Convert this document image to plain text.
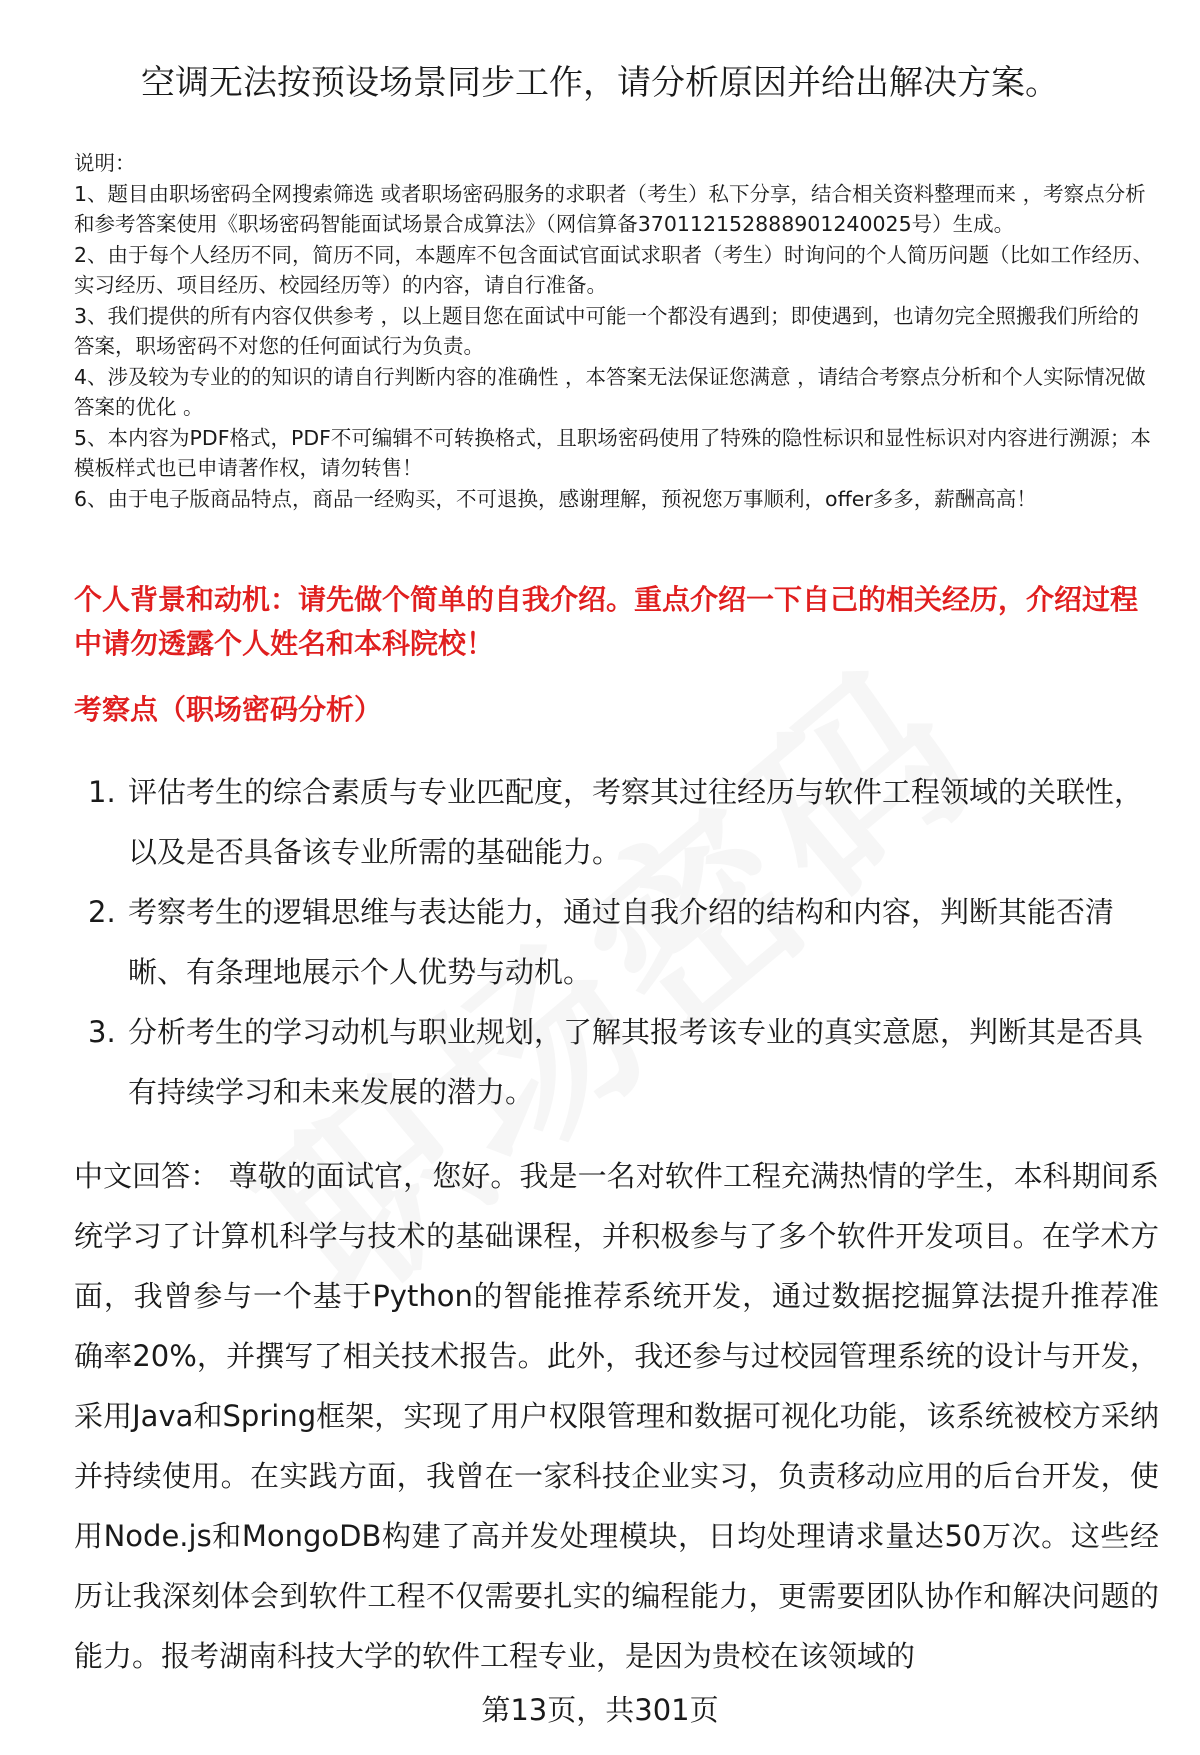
空调无法按预设场景同步工作，请分析原因并给出解决方案。

说明：

1、题目由职场密码全网搜索筛选 或者职场密码服务的求职者（考生）私下分享，结合相关资料整理而来 ，考察点分析和参考答案使用《职场密码智能面试场景合成算法》（网信算备370112152888901240025号）生成。

2、由于每个人经历不同，简历不同，本题库不包含面试官面试求职者（考生）时询问的个人简历问题（比如工作经历、实习经历、项目经历、校园经历等）的内容，请自行准备。

3、我们提供的所有内容仅供参考 ，以上题目您在面试中可能一个都没有遇到；即使遇到，也请勿完全照搬我们所给的答案，职场密码不对您的任何面试行为负责。

4、涉及较为专业的的知识的请自行判断内容的准确性 ，本答案无法保证您满意 ，请结合考察点分析和个人实际情况做答案的优化 。

5、本内容为PDF格式，PDF不可编辑不可转换格式，且职场密码使用了特殊的隐性标识和显性标识对内容进行溯源；本模板样式也已申请著作权，请勿转售！

6、由于电子版商品特点，商品一经购买，不可退换，感谢理解，预祝您万事顺利，offer多多，薪酬高高！

个人背景和动机：请先做个简单的自我介绍。重点介绍一下自己的相关经历，介绍过程中请勿透露个人姓名和本科院校！
考察点（职场密码分析）
1. 评估考生的综合素质与专业匹配度，考察其过往经历与软件工程领域的关联性，以及是否具备该专业所需的基础能力。
2. 考察考生的逻辑思维与表达能力，通过自我介绍的结构和内容，判断其能否清晰、有条理地展示个人优势与动机。
3. 分析考生的学习动机与职业规划，了解其报考该专业的真实意愿，判断其是否具有持续学习和未来发展的潜力。

中文回答： 尊敬的面试官，您好。我是一名对软件工程充满热情的学生，本科期间系统学习了计算机科学与技术的基础课程，并积极参与了多个软件开发项目。在学术方面，我曾参与一个基于Python的智能推荐系统开发，通过数据挖掘算法提升推荐准确率20%，并撰写了相关技术报告。此外，我还参与过校园管理系统的设计与开发，采用Java和Spring框架，实现了用户权限管理和数据可视化功能，该系统被校方采纳并持续使用。在实践方面，我曾在一家科技企业实习，负责移动应用的后台开发，使用Node.js和MongoDB构建了高并发处理模块，日均处理请求量达50万次。这些经历让我深刻体会到软件工程不仅需要扎实的编程能力，更需要团队协作和解决问题的能力。报考湖南科技大学的软件工程专业，是因为贵校在该领域的

第13页，共301页
